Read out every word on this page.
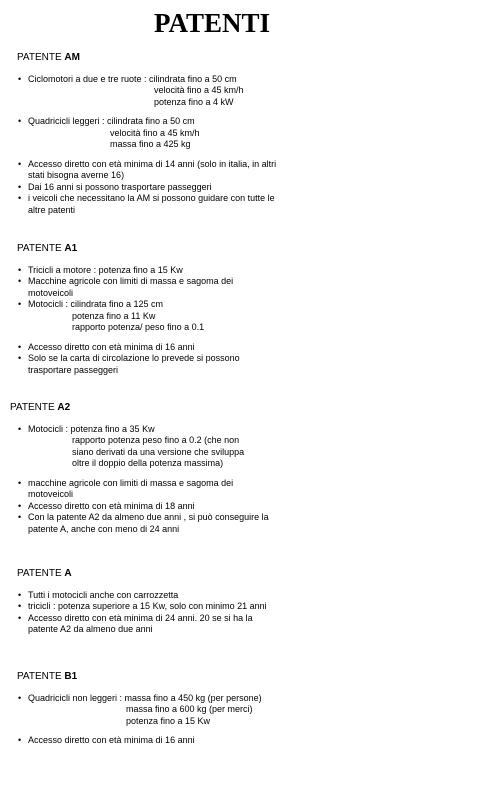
PATENTI
PATENTE AM
• Ciclomotori a due e tre ruote : cilindrata fino a 50 cm
velocità fino a 45 km/h
potenza fino a 4 kW
• Quadricicli leggeri : cilindrata fino a 50 cm
velocità fino a 45 km/h
massa fino a 425 kg
• Accesso diretto con età minima di 14 anni (solo in italia, in altri stati bisogna averne 16)
• Dai 16 anni si possono trasportare passeggeri
• i veicoli che necessitano la AM si possono guidare con tutte le altre patenti
PATENTE A1
• Tricicli a motore : potenza fino a 15 Kw
• Macchine agricole con limiti di massa e sagoma dei motoveicoli
• Motocicli : cilindrata fino a 125 cm
potenza fino a 11 Kw
rapporto potenza/ peso fino a 0.1
• Accesso diretto con età minima di 16 anni
• Solo se la carta di circolazione lo prevede si possono trasportare passeggeri
PATENTE A2
• Motocicli : potenza fino a 35 Kw
rapporto potenza peso fino a 0.2 (che non siano derivati da una versione che sviluppa oltre il doppio della potenza massima)
• macchine agricole con limiti di massa e sagoma dei motoveicoli
• Accesso diretto con età minima di 18 anni
• Con la patente A2 da almeno due anni , si può conseguire la patente A, anche con meno di 24 anni
PATENTE A
• Tutti i motocicli anche con carrozzetta
• tricicli : potenza superiore a 15 Kw, solo con minimo 21 anni
• Accesso diretto con età minima di 24 anni. 20 se si ha la patente A2 da almeno due anni
PATENTE B1
• Quadricicli non leggeri : massa fino a 450 kg (per persone)
massa fino a 600 kg (per merci)
potenza fino a 15 Kw
• Accesso diretto con età minima di 16 anni
